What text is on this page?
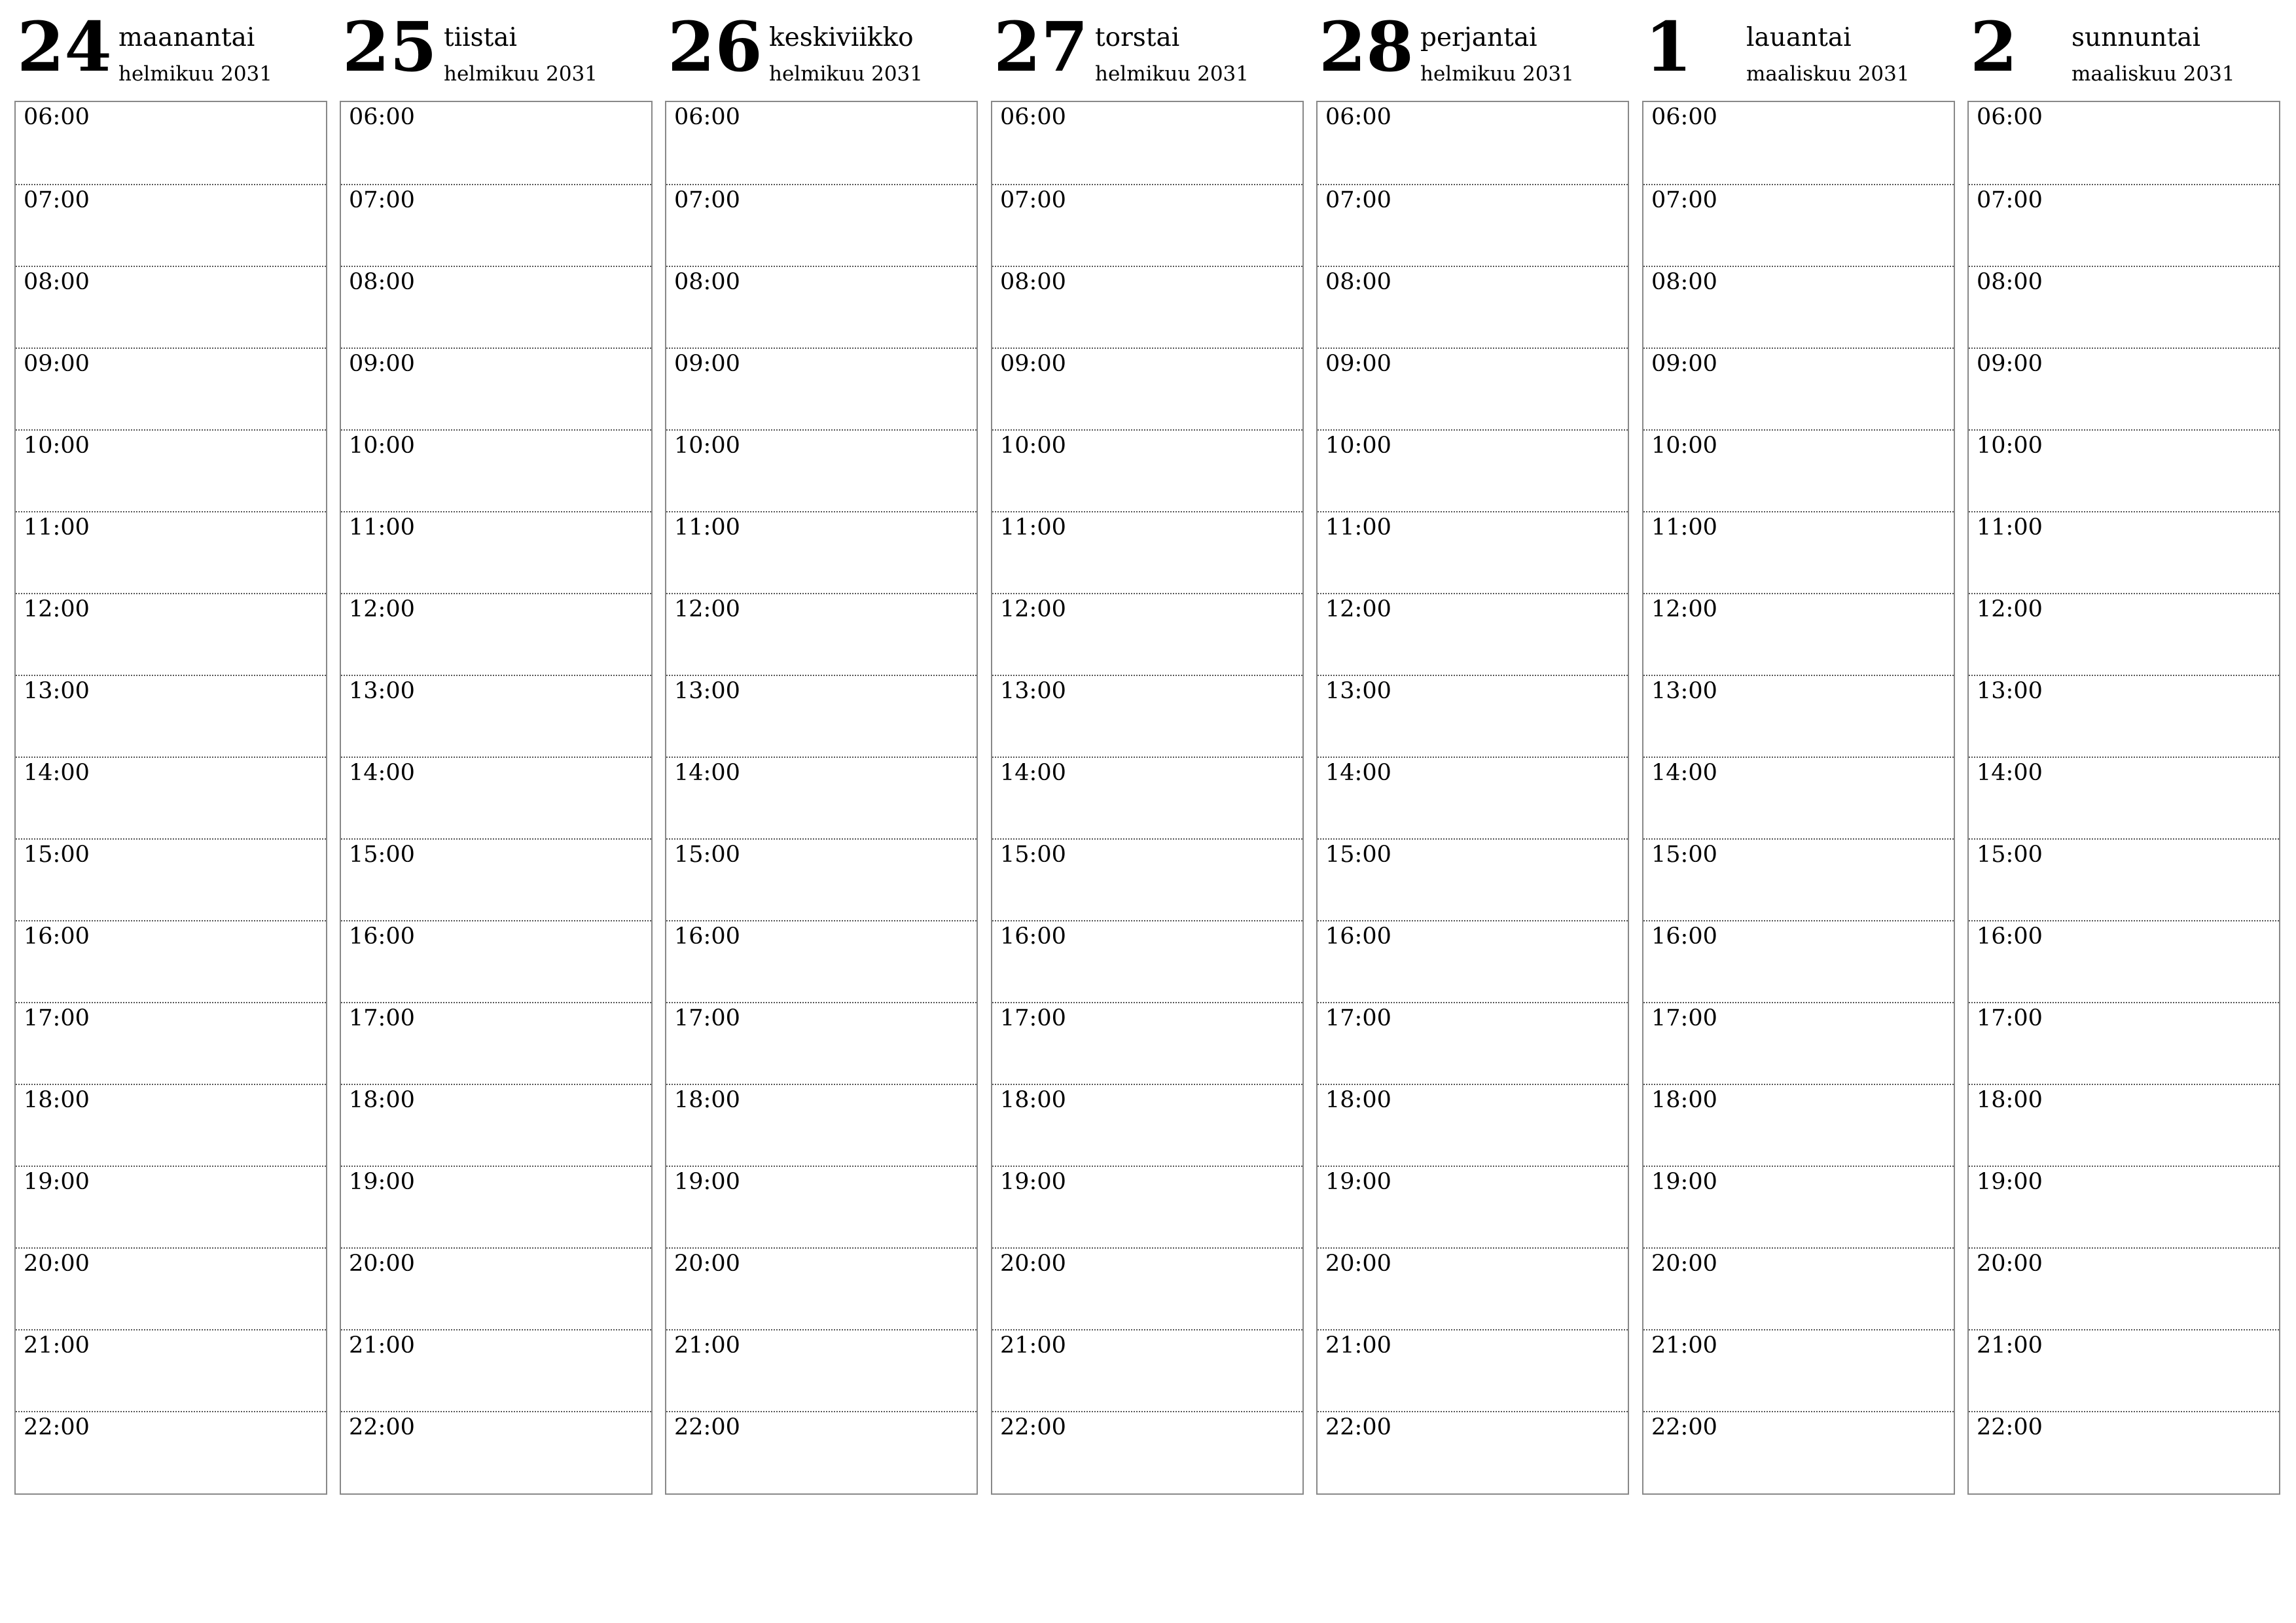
24 maanantai
helmikuu 2031
06:00
07:00
08:00
09:00
10:00
11:00
12:00
13:00
14:00
15:00
16:00
17:00
18:00
19:00
20:00
21:00
22:00
25 tiistai
helmikuu 2031
06:00
07:00
08:00
09:00
10:00
11:00
12:00
13:00
14:00
15:00
16:00
17:00
18:00
19:00
20:00
21:00
22:00
26 keskiviikko
helmikuu 2031
06:00
07:00
08:00
09:00
10:00
11:00
12:00
13:00
14:00
15:00
16:00
17:00
18:00
19:00
20:00
21:00
22:00
27 torstai
helmikuu 2031
06:00
07:00
08:00
09:00
10:00
11:00
12:00
13:00
14:00
15:00
16:00
17:00
18:00
19:00
20:00
21:00
22:00
28 perjantai
helmikuu 2031
06:00
07:00
08:00
09:00
10:00
11:00
12:00
13:00
14:00
15:00
16:00
17:00
18:00
19:00
20:00
21:00
22:00
1 lauantai
maaliskuu 2031
06:00
07:00
08:00
09:00
10:00
11:00
12:00
13:00
14:00
15:00
16:00
17:00
18:00
19:00
20:00
21:00
22:00
2 sunnuntai
maaliskuu 2031
06:00
07:00
08:00
09:00
10:00
11:00
12:00
13:00
14:00
15:00
16:00
17:00
18:00
19:00
20:00
21:00
22:00
